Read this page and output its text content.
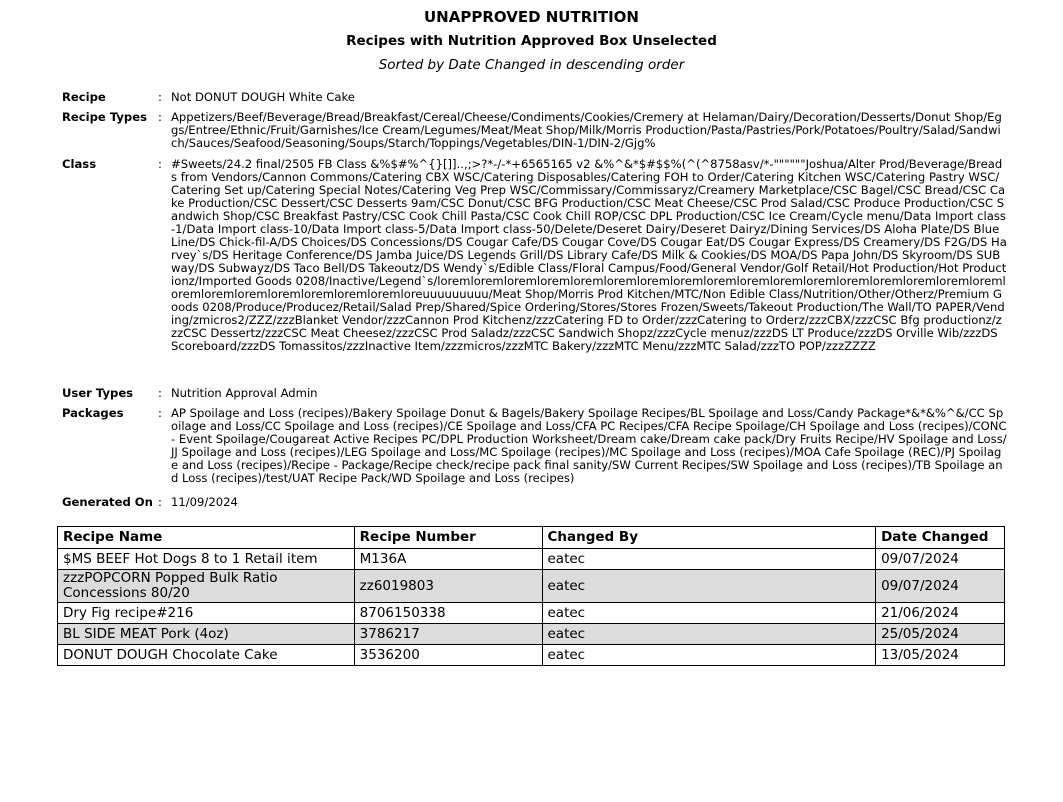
UNAPPROVED NUTRITION
Recipes with Nutrition Approved Box Unselected
Sorted by Date Changed in descending order
Recipe	: Not DONUT DOUGH White Cake
Recipe Types : Appetizers/Beef/Beverage/Bread/Breakfast/Cereal/Cheese/Condiments/Cookies/Cremery at Helaman/Dairy/Decoration/Desserts/Donut Shop/Eggs/Entree/Ethnic/Fruit/Garnishes/Ice Cream/Legumes/Meat/Meat Shop/Milk/Morris Production/Pasta/Pastries/Pork/Potatoes/Poultry/Salad/Sandwich/Sauces/Seafood/Seasoning/Soups/Starch/Toppings/Vegetables/DIN-1/DIN-2/Gjg%
Class	: #Sweets/24.2 final/2505 FB Class &%$#%^{}[]]..,;>?*-/-*+6565165 v2 &%^&*$#$$%(^(^8758asv/*-""""""Joshua/Alter Prod/Beverage/Breads from Vendors/Cannon Commons/Catering CBX WSC/Catering Disposables/Catering FOH to Order/Catering Kitchen WSC/Catering Pastry WSC/Catering Set up/Catering Special Notes/Catering Veg Prep WSC/Commissary/Commissaryz/Creamery Marketplace/CSC Bagel/CSC Bread/CSC Cake Production/CSC Dessert/CSC Desserts 9am/CSC Donut/CSC BFG Production/CSC Meat Cheese/CSC Prod Salad/CSC Produce Production/CSC Sandwich Shop/CSC Breakfast Pastry/CSC Cook Chill Pasta/CSC Cook Chill ROP/CSC DPL Production/CSC Ice Cream/Cycle menu/Data Import class-1/Data Import class-10/Data Import class-5/Data Import class-50/Delete/Deseret Dairy/Deseret Dairyz/Dining Services/DS Aloha Plate/DS Blue Line/DS Chick-fil-A/DS Choices/DS Concessions/DS Cougar Cafe/DS Cougar Cove/DS Cougar Eat/DS Cougar Express/DS Creamery/DS F2G/DS Harvey`s/DS Heritage Conference/DS Jamba Juice/DS Legends Grill/DS Library Cafe/DS Milk & Cookies/DS MOA/DS Papa John/DS Skyroom/DS SUBway/DS Subwayz/DS Taco Bell/DS Takeoutz/DS Wendy`s/Edible Class/Floral Campus/Food/General Vendor/Golf Retail/Hot Production/Hot Productionz/Imported Goods 0208/Inactive/Legend`s/loremloremloremloremloremloremloremloremloremloremloremloremloremloremloremloremloremloremloremloremloremloremloremloremloreuuuuuuuuu/Meat Shop/Morris Prod Kitchen/MTC/Non Edible Class/Nutrition/Other/Otherz/Premium Goods 0208/Produce/Producez/Retail/Salad Prep/Shared/Spice Ordering/Stores/Stores Frozen/Sweets/Takeout Production/The Wall/TO PAPER/Vending/zmicros2/ZZZ/zzzBlanket Vendor/zzzCannon Prod Kitchenz/zzzCatering FD to Order/zzzCatering to Orderz/zzzCBX/zzzCSC Bfg productionz/zzzCSC Dessertz/zzzCSC Meat Cheesez/zzzCSC Prod Saladz/zzzCSC Sandwich Shopz/zzzCycle menuz/zzzDS LT Produce/zzzDS Orville Wib/zzzDS Scoreboard/zzzDS Tomassitos/zzzInactive Item/zzzmicros/zzzMTC Bakery/zzzMTC Menu/zzzMTC Salad/zzzTO POP/zzzZZZZ
User Types	: Nutrition Approval Admin
Packages	: AP Spoilage and Loss (recipes)/Bakery Spoilage Donut & Bagels/Bakery Spoilage Recipes/BL Spoilage and Loss/Candy Package*&*&%^&/CC Spoilage and Loss/CC Spoilage and Loss (recipes)/CE Spoilage and Loss/CFA PC Recipes/CFA Recipe Spoilage/CH Spoilage and Loss (recipes)/CONC - Event Spoilage/Cougareat Active Recipes PC/DPL Production Worksheet/Dream cake/Dream cake pack/Dry Fruits Recipe/HV Spoilage and Loss/JJ Spoilage and Loss (recipes)/LEG Spoilage and Loss/MC Spoilage (recipes)/MC Spoilage and Loss (recipes)/MOA Cafe Spoilage (REC)/PJ Spoilage and Loss (recipes)/Recipe - Package/Recipe check/recipe pack final sanity/SW Current Recipes/SW Spoilage and Loss (recipes)/TB Spoilage and Loss (recipes)/test/UAT Recipe Pack/WD Spoilage and Loss (recipes)
Generated On : 11/09/2024
Recipe Name	Recipe Number	Changed By	Date Changed
$MS BEEF Hot Dogs 8 to 1 Retail item	M136A	eatec	09/07/2024
zzzPOPCORN Popped Bulk Ratio Concessions 80/20	zz6019803	eatec	09/07/2024
Dry Fig recipe#216	8706150338	eatec	21/06/2024
BL SIDE MEAT Pork (4oz)	3786217	eatec	25/05/2024
DONUT DOUGH Chocolate Cake	3536200	eatec	13/05/2024
